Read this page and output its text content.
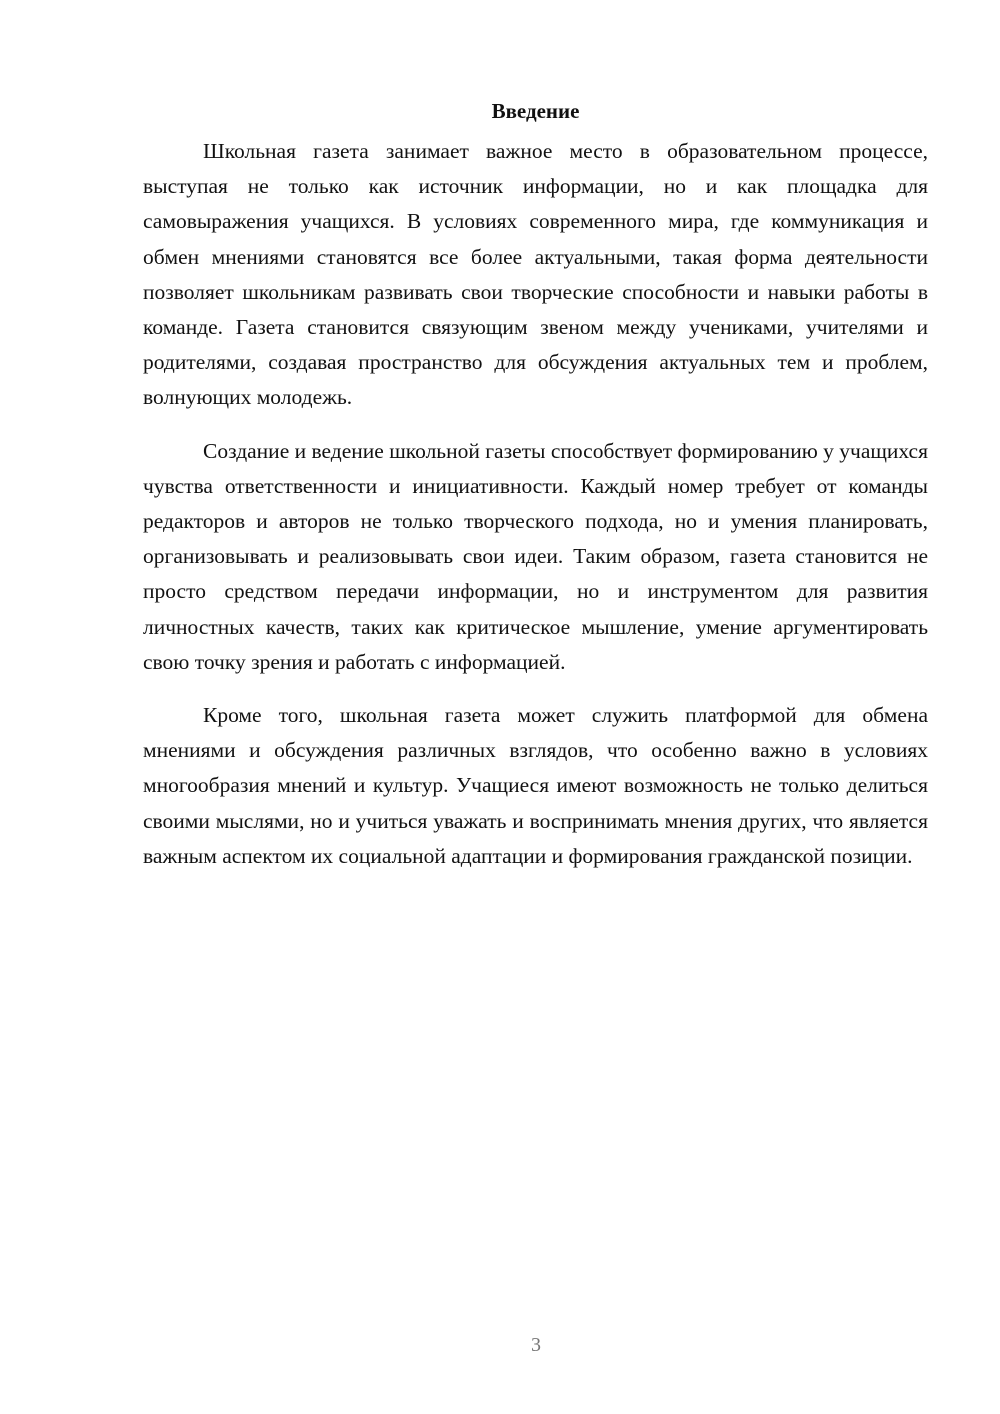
Введение

Школьная газета занимает важное место в образовательном процессе, выступая не только как источник информации, но и как площадка для самовыражения учащихся. В условиях современного мира, где коммуникация и обмен мнениями становятся все более актуальными, такая форма деятельности позволяет школьникам развивать свои творческие способности и навыки работы в команде. Газета становится связующим звеном между учениками, учителями и родителями, создавая пространство для обсуждения актуальных тем и проблем, волнующих молодежь.

Создание и ведение школьной газеты способствует формированию у учащихся чувства ответственности и инициативности. Каждый номер требует от команды редакторов и авторов не только творческого подхода, но и умения планировать, организовывать и реализовывать свои идеи. Таким образом, газета становится не просто средством передачи информации, но и инструментом для развития личностных качеств, таких как критическое мышление, умение аргументировать свою точку зрения и работать с информацией.

Кроме того, школьная газета может служить платформой для обмена мнениями и обсуждения различных взглядов, что особенно важно в условиях многообразия мнений и культур. Учащиеся имеют возможность не только делиться своими мыслями, но и учиться уважать и воспринимать мнения других, что является важным аспектом их социальной адаптации и формирования гражданской позиции.

3
